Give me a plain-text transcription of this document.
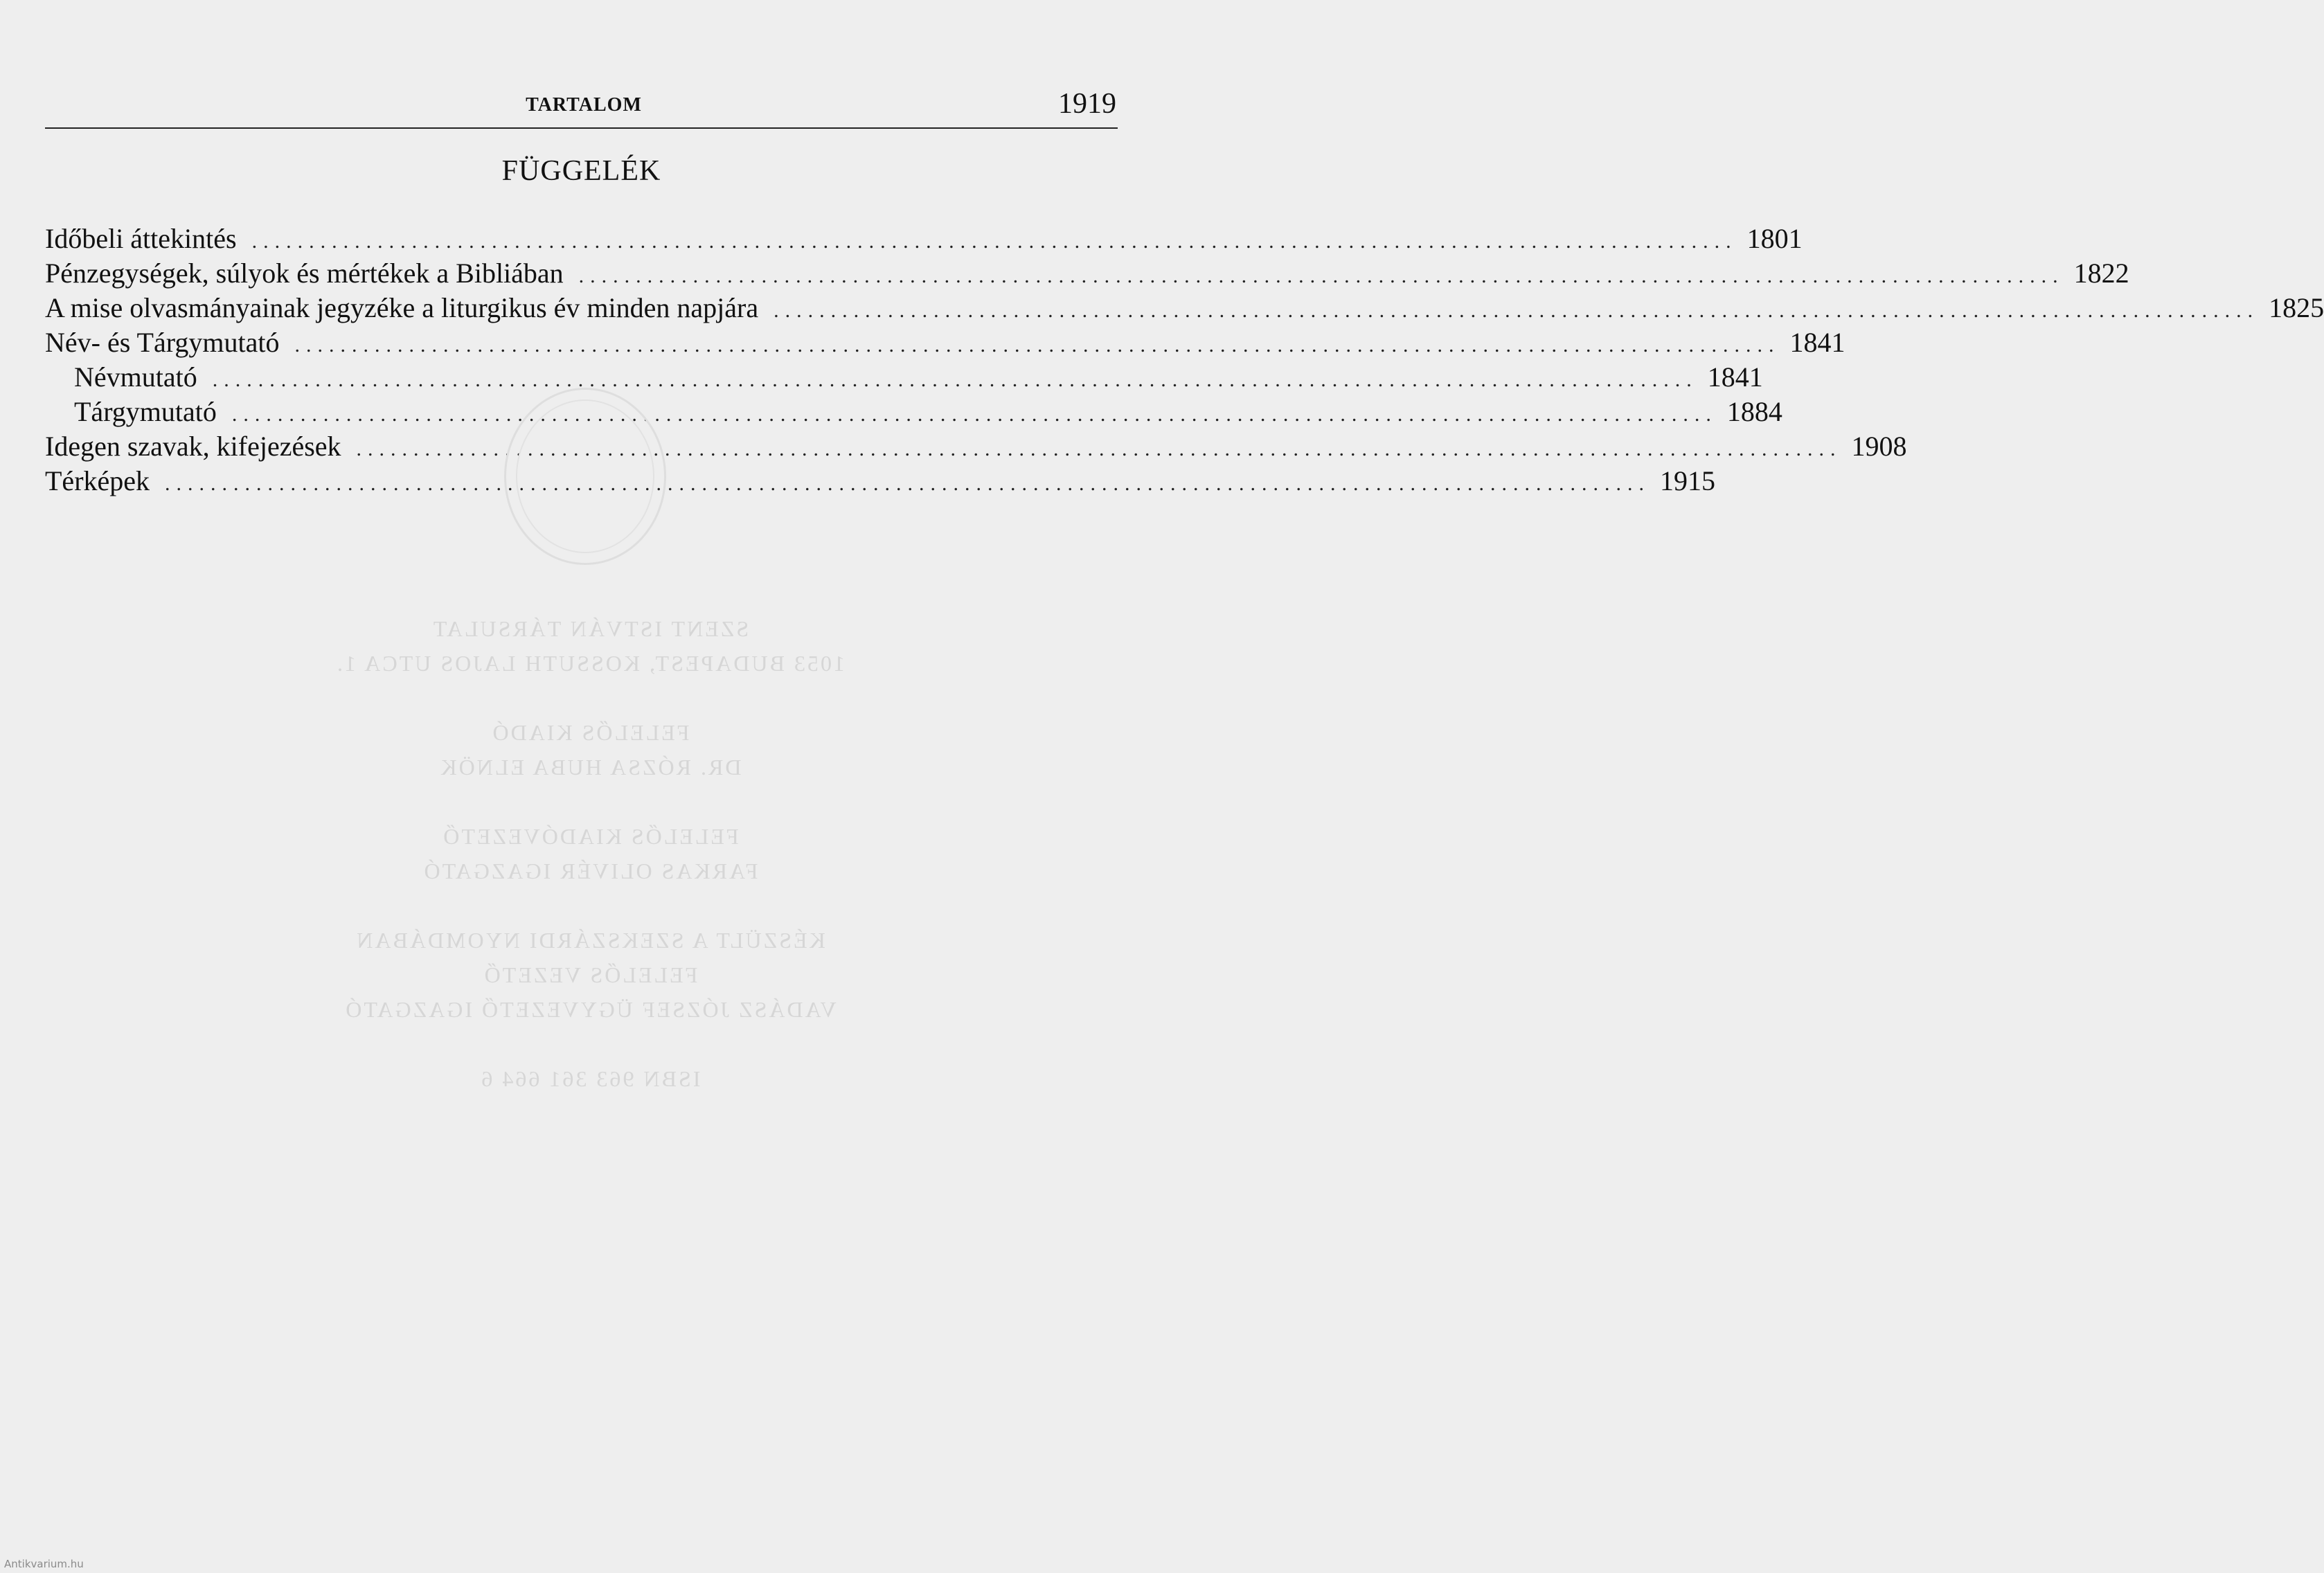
TARTALOM	1919
FÜGGELÉK
Időbeli áttekintés .................................................................................................................................. 1801
Pénzegységek, súlyok és mértékek a Bibliában .................................................................................................................................. 1822
A mise olvasmányainak jegyzéke a liturgikus év minden napjára .................................................................................................................................. 1825
Név- és Tárgymutató .................................................................................................................................. 1841
Névmutató .................................................................................................................................. 1841
Tárgymutató .................................................................................................................................. 1884
Idegen szavak, kifejezések .................................................................................................................................. 1908
Térképek .................................................................................................................................. 1915
SZENT ISTVÁN TÁRSULAT
1053 BUDAPEST, KOSSUTH LAJOS UTCA 1.
FELELŐS KIADÓ
DR. RÓZSA HUBA ELNÖK
FELELŐS KIADÓVEZETŐ
FARKAS OLIVÉR IGAZGATÓ
KÉSZÜLT A SZEKSZÁRDI NYOMDÁBAN
FELELŐS VEZETŐ
VADÁSZ JÓZSEF ÜGYVEZETŐ IGAZGATÓ
ISBN 963 361 664 6
Antikvarium.hu
